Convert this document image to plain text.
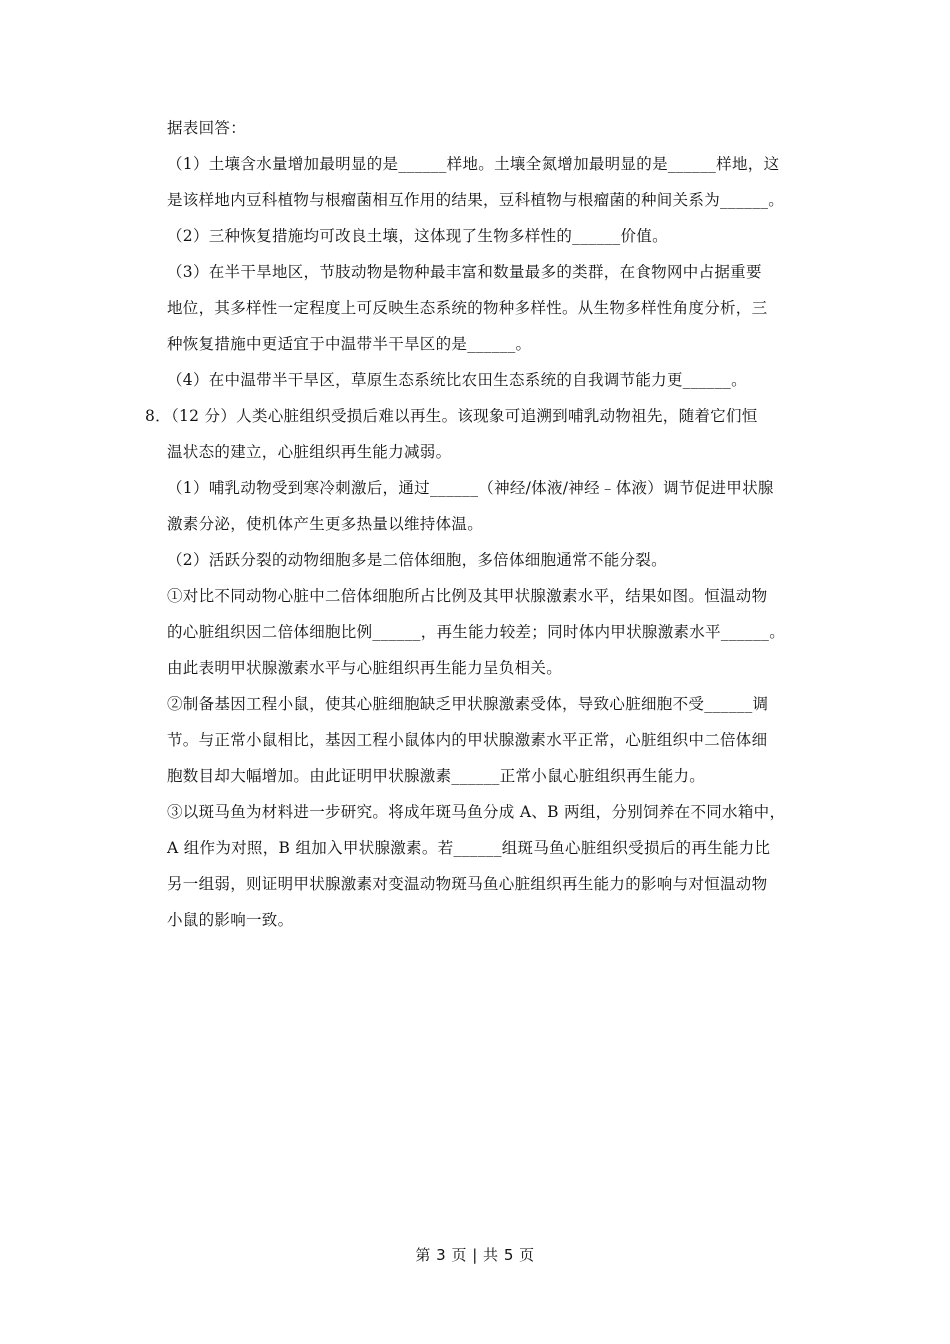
据表回答：
（1）土壤含水量增加最明显的是______样地。土壤全氮增加最明显的是______样地，这
是该样地内豆科植物与根瘤菌相互作用的结果，豆科植物与根瘤菌的种间关系为______。
（2）三种恢复措施均可改良土壤，这体现了生物多样性的______价值。
（3）在半干旱地区，节肢动物是物种最丰富和数量最多的类群，在食物网中占据重要
地位，其多样性一定程度上可反映生态系统的物种多样性。从生物多样性角度分析，三
种恢复措施中更适宜于中温带半干旱区的是______。
（4）在中温带半干旱区，草原生态系统比农田生态系统的自我调节能力更______。
8．（12 分）人类心脏组织受损后难以再生。该现象可追溯到哺乳动物祖先，随着它们恒
温状态的建立，心脏组织再生能力减弱。
（1）哺乳动物受到寒冷刺激后，通过______（神经/体液/神经﹣体液）调节促进甲状腺
激素分泌，使机体产生更多热量以维持体温。
（2）活跃分裂的动物细胞多是二倍体细胞，多倍体细胞通常不能分裂。
①对比不同动物心脏中二倍体细胞所占比例及其甲状腺激素水平，结果如图。恒温动物
的心脏组织因二倍体细胞比例______，再生能力较差；同时体内甲状腺激素水平______。
由此表明甲状腺激素水平与心脏组织再生能力呈负相关。
②制备基因工程小鼠，使其心脏细胞缺乏甲状腺激素受体，导致心脏细胞不受______调
节。与正常小鼠相比，基因工程小鼠体内的甲状腺激素水平正常，心脏组织中二倍体细
胞数目却大幅增加。由此证明甲状腺激素______正常小鼠心脏组织再生能力。
③以斑马鱼为材料进一步研究。将成年斑马鱼分成 A、B 两组，分别饲养在不同水箱中，
A 组作为对照，B 组加入甲状腺激素。若______组斑马鱼心脏组织受损后的再生能力比
另一组弱，则证明甲状腺激素对变温动物斑马鱼心脏组织再生能力的影响与对恒温动物
小鼠的影响一致。
第 3 页 | 共 5 页
